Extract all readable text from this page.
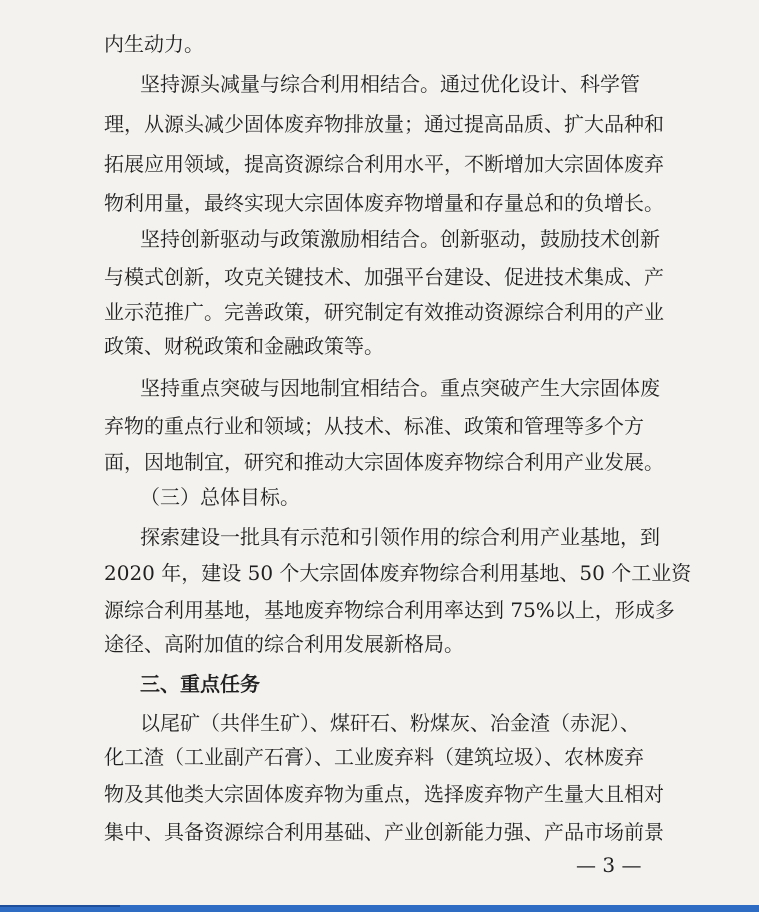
内生动力。
坚持源头减量与综合利用相结合。通过优化设计、科学管
理，从源头减少固体废弃物排放量；通过提高品质、扩大品种和
拓展应用领域，提高资源综合利用水平，不断增加大宗固体废弃
物利用量，最终实现大宗固体废弃物增量和存量总和的负增长。
坚持创新驱动与政策激励相结合。创新驱动，鼓励技术创新
与模式创新，攻克关键技术、加强平台建设、促进技术集成、产
业示范推广。完善政策，研究制定有效推动资源综合利用的产业
政策、财税政策和金融政策等。
坚持重点突破与因地制宜相结合。重点突破产生大宗固体废
弃物的重点行业和领域；从技术、标准、政策和管理等多个方
面，因地制宜，研究和推动大宗固体废弃物综合利用产业发展。
（三）总体目标。
探索建设一批具有示范和引领作用的综合利用产业基地，到
2020 年，建设 50 个大宗固体废弃物综合利用基地、50 个工业资
源综合利用基地，基地废弃物综合利用率达到 75%以上，形成多
途径、高附加值的综合利用发展新格局。
三、重点任务
以尾矿（共伴生矿）、煤矸石、粉煤灰、冶金渣（赤泥）、
化工渣（工业副产石膏）、工业废弃料（建筑垃圾）、农林废弃
物及其他类大宗固体废弃物为重点，选择废弃物产生量大且相对
集中、具备资源综合利用基础、产业创新能力强、产品市场前景
— 3 —
